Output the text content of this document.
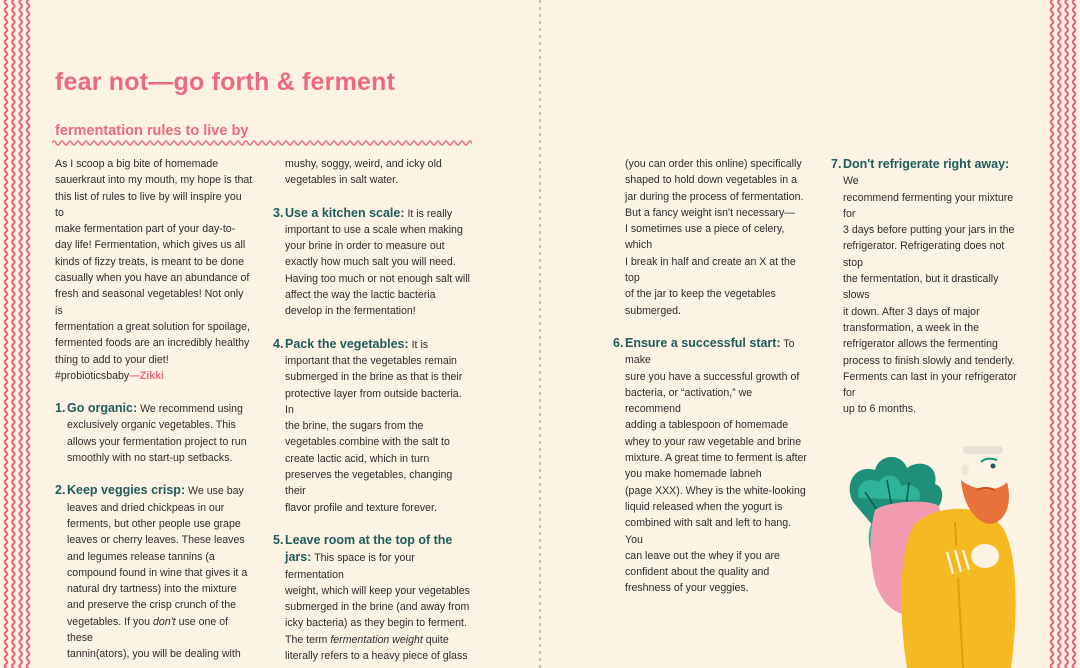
fear not—go forth & ferment
fermentation rules to live by

As I scoop a big bite of homemade
sauerkraut into my mouth, my hope is that
this list of rules to live by will inspire you to
make fermentation part of your day-to-
day life! Fermentation, which gives us all
kinds of fizzy treats, is meant to be done
casually when you have an abundance of
fresh and seasonal vegetables! Not only is
fermentation a great solution for spoilage,
fermented foods are an incredibly healthy
thing to add to your diet!
#probioticsbaby—Zikki

1. Go organic: We recommend using
exclusively organic vegetables. This
allows your fermentation project to run
smoothly with no start-up setbacks.

2. Keep veggies crisp: We use bay
leaves and dried chickpeas in our
ferments, but other people use grape
leaves or cherry leaves. These leaves
and legumes release tannins (a
compound found in wine that gives it a
natural dry tartness) into the mixture
and preserve the crisp crunch of the
vegetables. If you don't use one of these
tannin(ators), you will be dealing with

mushy, soggy, weird, and icky old
vegetables in salt water.

3. Use a kitchen scale: It is really
important to use a scale when making
your brine in order to measure out
exactly how much salt you will need.
Having too much or not enough salt will
affect the way the lactic bacteria
develop in the fermentation!

4. Pack the vegetables: It is
important that the vegetables remain
submerged in the brine as that is their
protective layer from outside bacteria. In
the brine, the sugars from the
vegetables combine with the salt to
create lactic acid, which in turn
preserves the vegetables, changing their
flavor profile and texture forever.

5. Leave room at the top of the
jars: This space is for your fermentation
weight, which will keep your vegetables
submerged in the brine (and away from
icky bacteria) as they begin to ferment.
The term fermentation weight quite
literally refers to a heavy piece of glass

(you can order this online) specifically
shaped to hold down vegetables in a
jar during the process of fermentation.
But a fancy weight isn't necessary—
I sometimes use a piece of celery, which
I break in half and create an X at the top
of the jar to keep the vegetables
submerged.

6. Ensure a successful start: To make
sure you have a successful growth of
bacteria, or “activation,” we recommend
adding a tablespoon of homemade
whey to your raw vegetable and brine
mixture. A great time to ferment is after
you make homemade labneh
(page XXX). Whey is the white-looking
liquid released when the yogurt is
combined with salt and left to hang. You
can leave out the whey if you are
confident about the quality and
freshness of your veggies.

7. Don't refrigerate right away: We
recommend fermenting your mixture for
3 days before putting your jars in the
refrigerator. Refrigerating does not stop
the fermentation, but it drastically slows
it down. After 3 days of major
transformation, a week in the
refrigerator allows the fermenting
process to finish slowly and tenderly.
Ferments can last in your refrigerator for
up to 6 months.
